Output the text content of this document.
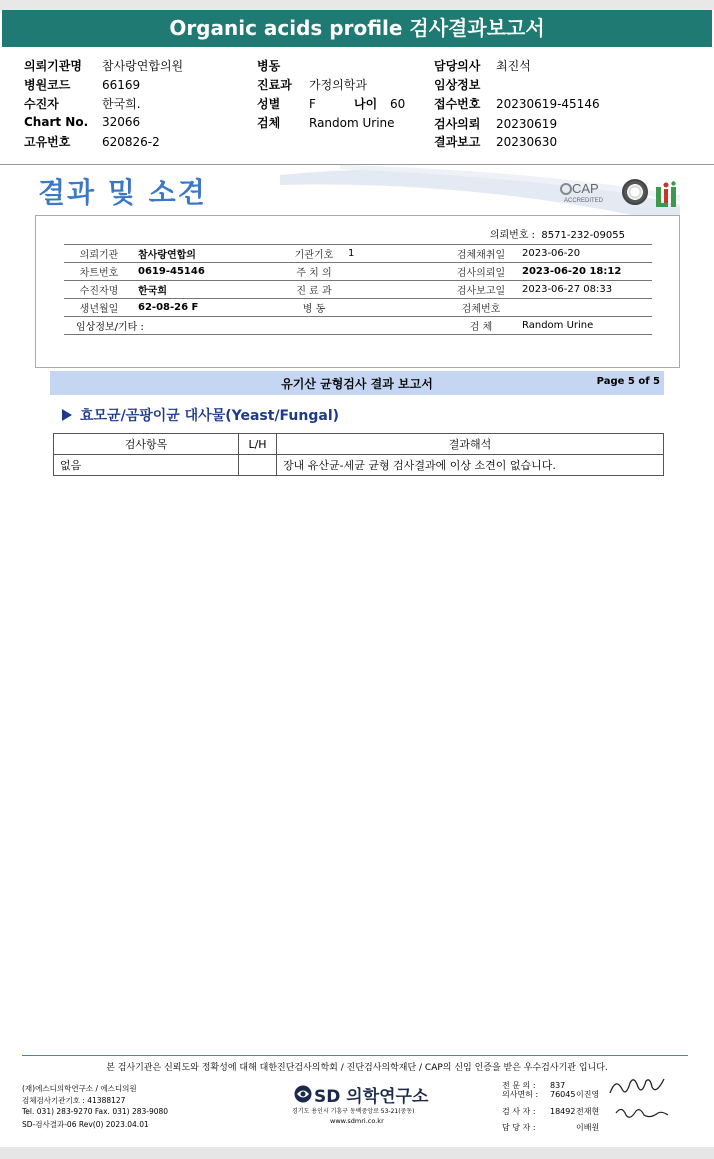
Organic acids profile 검사결과보고서
의뢰기관명 참사랑연합의원
병원코드	66169
수진자	한국희.
Chart No. 32066
고유번호	620826-2
병동
진료과 가정의학과
성별 F	나이 60
검체 Random Urine
담당의사 최진석
임상정보
접수번호 20230619-45146
검사의뢰 20230619
결과보고 20230630
결과 및 소견	CAP
ACCREDITED
의뢰번호 : 8571-232-09055
의뢰기관	참사랑연합의	기관기호	1	검체채취일	2023-06-20
차트번호	0619-45146	주 치 의		검사의뢰일	2023-06-20 18:12
수진자명	한국희	진 료 과		검사보고일	2023-06-27 08:33
생년월일	62-08-26 F	병 동		검체번호	
임상정보/기타 :				검 체	Random Urine
유기산 균형검사 결과 보고서	Page 5 of 5
효모균/곰팡이균 대사물(Yeast/Fungal)
검사항목	L/H	결과해석
없음		장내 유산균-세균 균형 검사결과에 이상 소견이 없습니다.
본 검사기관은 신뢰도와 정확성에 대해 대한진단검사의학회 / 진단검사의학재단 / CAP의 신임 인증을 받은 우수검사기관 입니다.
(재)에스디의학연구소 / 에스디의원
검체검사기관기호 : 41388127
Tel. 031) 283-9270 Fax. 031) 283-9080
SD-검사결과-06 Rev(0) 2023.04.01
SD 의학연구소
경기도 용인시 기흥구 동백중앙로 53-21(중동)
www.sdmri.co.kr
전 문 의 : 837
의사면허 : 76045이진영
검 사 자 : 18492전재현
담 당 자 :	이배원
